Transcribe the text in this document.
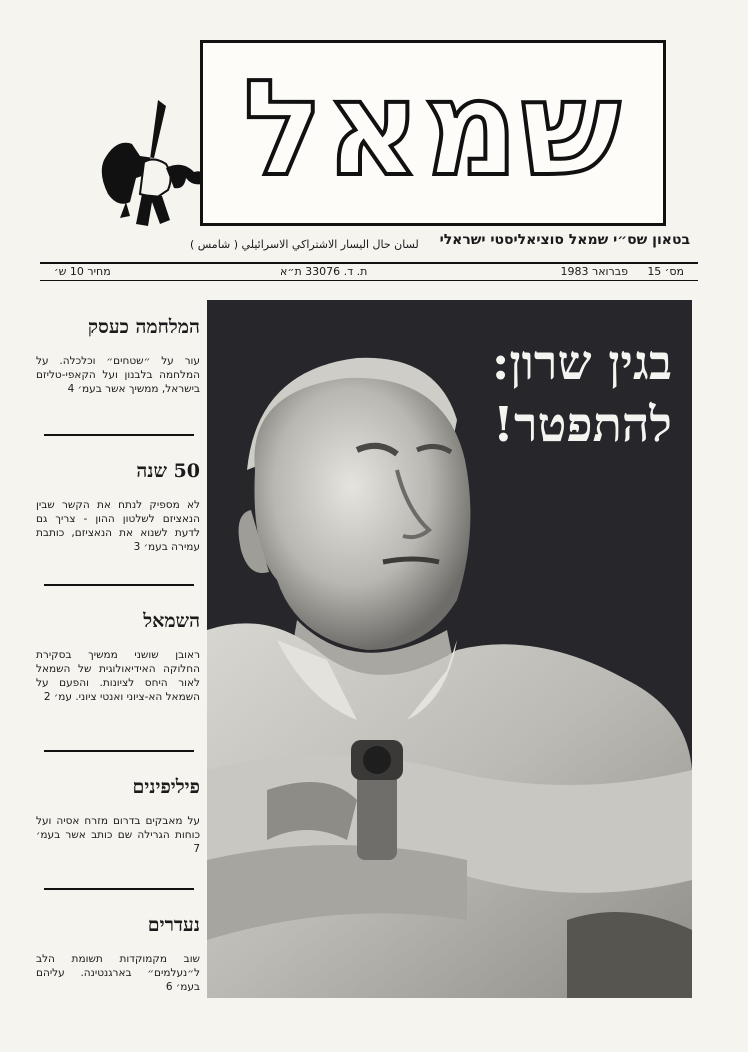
שמאל
בטאון שס״י שמאל סוציאליסטי ישראלי
لسان حال اليسار الاشتراكي الاسرائيلي ( شامس )
מס׳ 15
פברואר 1983
ת. ד. 33076 ת״א
מחיר 10 ש׳
בגין שרון:
להתפטר!
המלחמה כעסק

עור על ״שטחים״ וכלכלה. על המלחמה בלבנון ועל הקאפי-טליזם בישראל, ממשיך אשר בעמ׳ 4

50 שנה

לא מספיק לנתח את הקשר שבין הנאציזם לשלטון ההון - צריך גם לדעת לשנוא את הנאציזם, כותבת עמירה בעמ׳ 3

השמאל

ראובן שושני ממשיך בסקירת החלוקה האידיאולוגית של השמאל לאור היחס לציונות. והפעם על השמאל הא-ציוני ואנטי ציוני. עמ׳ 2

פיליפינים

על מאבקים בדרום מזרח אסיה ועל כוחות הגרילה שם כותב אשר בעמ׳ 7

נעדרים

שוב מקמוקדות תשומת הלב ל״נעלמים״ בארגנטינה. עליהם בעמ׳ 6
